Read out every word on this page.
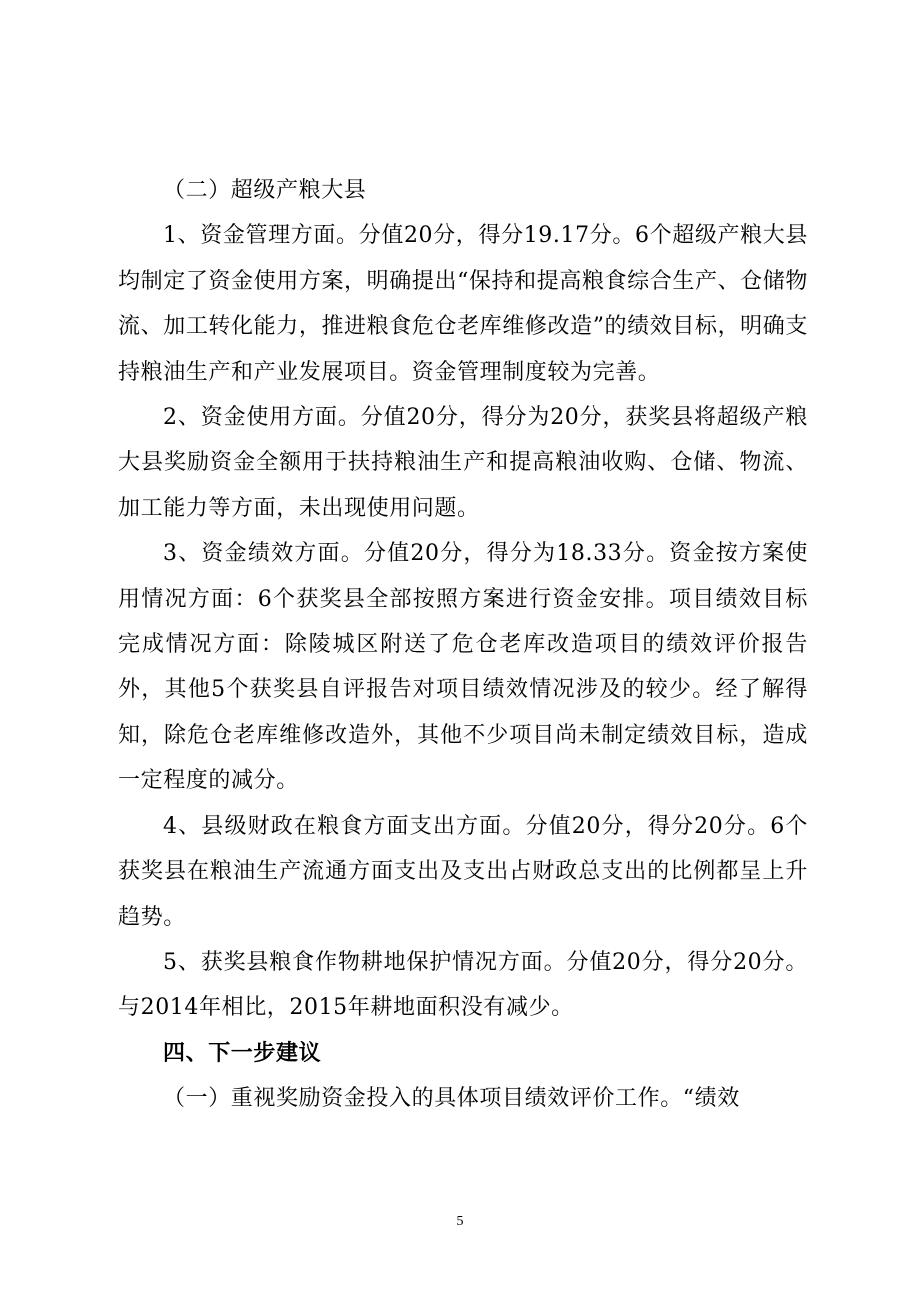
（二）超级产粮大县

1、资金管理方面。分值20分，得分19.17分。6个超级产粮大县均制定了资金使用方案，明确提出“保持和提高粮食综合生产、仓储物流、加工转化能力，推进粮食危仓老库维修改造”的绩效目标，明确支持粮油生产和产业发展项目。资金管理制度较为完善。

2、资金使用方面。分值20分，得分为20分，获奖县将超级产粮大县奖励资金全额用于扶持粮油生产和提高粮油收购、仓储、物流、加工能力等方面，未出现使用问题。

3、资金绩效方面。分值20分，得分为18.33分。资金按方案使用情况方面：6个获奖县全部按照方案进行资金安排。项目绩效目标完成情况方面：除陵城区附送了危仓老库改造项目的绩效评价报告外，其他5个获奖县自评报告对项目绩效情况涉及的较少。经了解得知，除危仓老库维修改造外，其他不少项目尚未制定绩效目标，造成一定程度的减分。

4、县级财政在粮食方面支出方面。分值20分，得分20分。6个获奖县在粮油生产流通方面支出及支出占财政总支出的比例都呈上升趋势。

5、获奖县粮食作物耕地保护情况方面。分值20分，得分20分。与2014年相比，2015年耕地面积没有减少。

四、下一步建议

（一）重视奖励资金投入的具体项目绩效评价工作。“绩效

5
